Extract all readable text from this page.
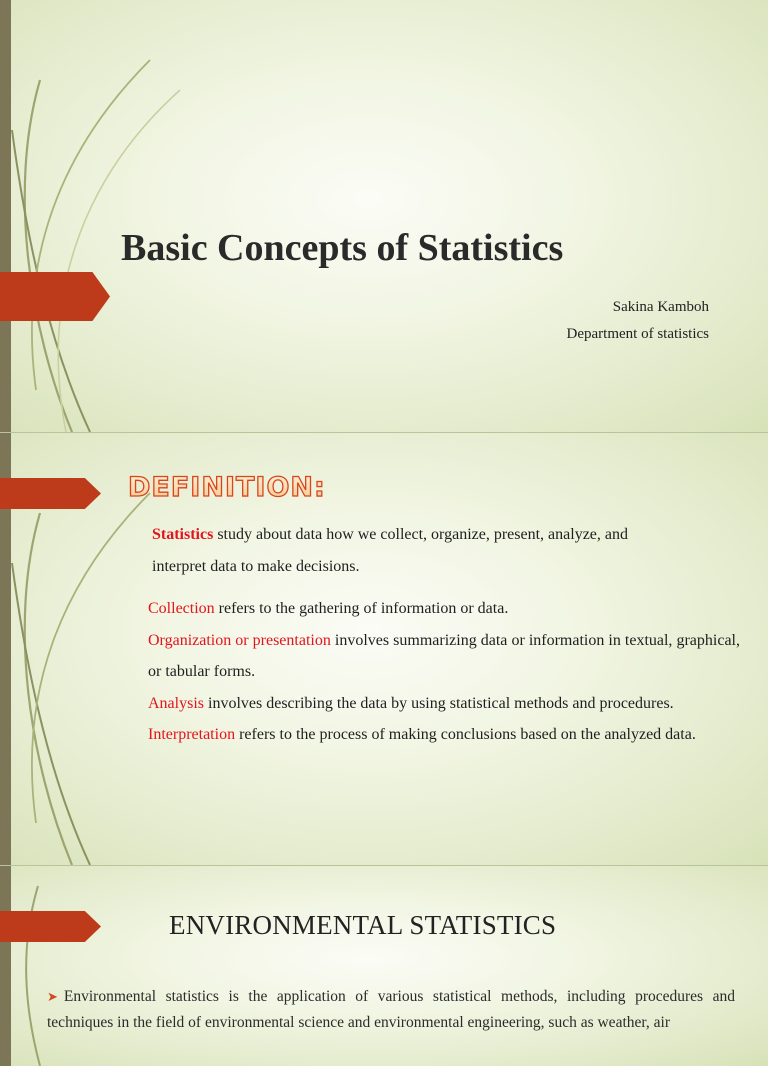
Basic Concepts of Statistics
Sakina Kamboh
Department of statistics
DEFINITION:
Statistics study about data how we collect, organize, present, analyze, and
interpret data to make decisions.

Collection refers to the gathering of information or data.

Organization or presentation involves summarizing data or information in textual, graphical, or tabular forms.

Analysis involves describing the data by using statistical methods and procedures.

Interpretation refers to the process of making conclusions based on the analyzed data.

ENVIRONMENTAL STATISTICS
➤ Environmental statistics is the application of various statistical methods, including procedures and techniques in the field of environmental science and environmental engineering, such as weather, air
